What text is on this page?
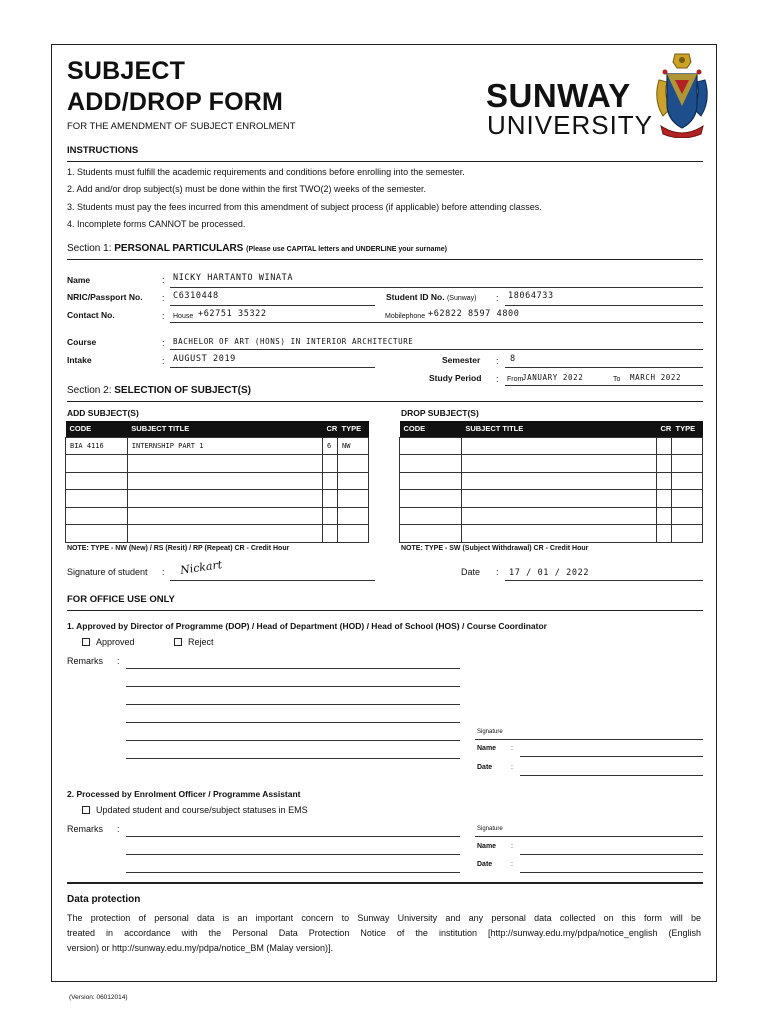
SUBJECT
ADD/DROP FORM
FOR THE AMENDMENT OF SUBJECT ENROLMENT
SUNWAY
UNIVERSITY
INSTRUCTIONS
1. Students must fulfill the academic requirements and conditions before enrolling into the semester.
2. Add and/or drop subject(s) must be done within the first TWO(2) weeks of the semester.
3. Students must pay the fees incurred from this amendment of subject process (if applicable) before attending classes.
4. Incomplete forms CANNOT be processed.
Section 1: PERSONAL PARTICULARS (Please use CAPITAL letters and UNDERLINE your surname)
Name	: NICKY HARTANTO WINATA
NRIC/Passport No. : C6310448	Student ID No. (Sunway) : 18064733
Contact No.	: House +62751 35322	Mobilephone +62822 8597 4800
Course	: BACHELOR OF ART (HONS) IN INTERIOR ARCHITECTURE
Intake	: AUGUST 2019	Semester : 8
Study Period : From
JANUARY 2022	To MARCH 2022
Section 2: SELECTION OF SUBJECT(S)
ADD SUBJECT(S)	DROP SUBJECT(S)
CODE	SUBJECT TITLE	CR	TYPE
BIA 4116	INTERNSHIP PART 1	6	NW

CODE	SUBJECT TITLE	CR	TYPE

NOTE: TYPE - NW (New) / RS (Resit) / RP (Repeat) CR - Credit Hour	NOTE: TYPE - SW (Subject Withdrawal) CR - Credit Hour
Signature of student : Nickart	Date : 17 / 01 / 2022
FOR OFFICE USE ONLY
1. Approved by Director of Programme (DOP) / Head of Department (HOD) / Head of School (HOS) / Course Coordinator
Approved	Reject
Remarks :
Signature
Name :
Date	:
2. Processed by Enrolment Officer / Programme Assistant
Updated student and course/subject statuses in EMS
Remarks :	Signature
Name :
Date	:
Data protection
The protection of personal data is an important concern to Sunway University and any personal data collected on this form will be
treated in accordance with the Personal Data Protection Notice of the institution [http://sunway.edu.my/pdpa/notice_english (English
version) or http://sunway.edu.my/pdpa/notice_BM (Malay version)].
(Version: 06012014)
